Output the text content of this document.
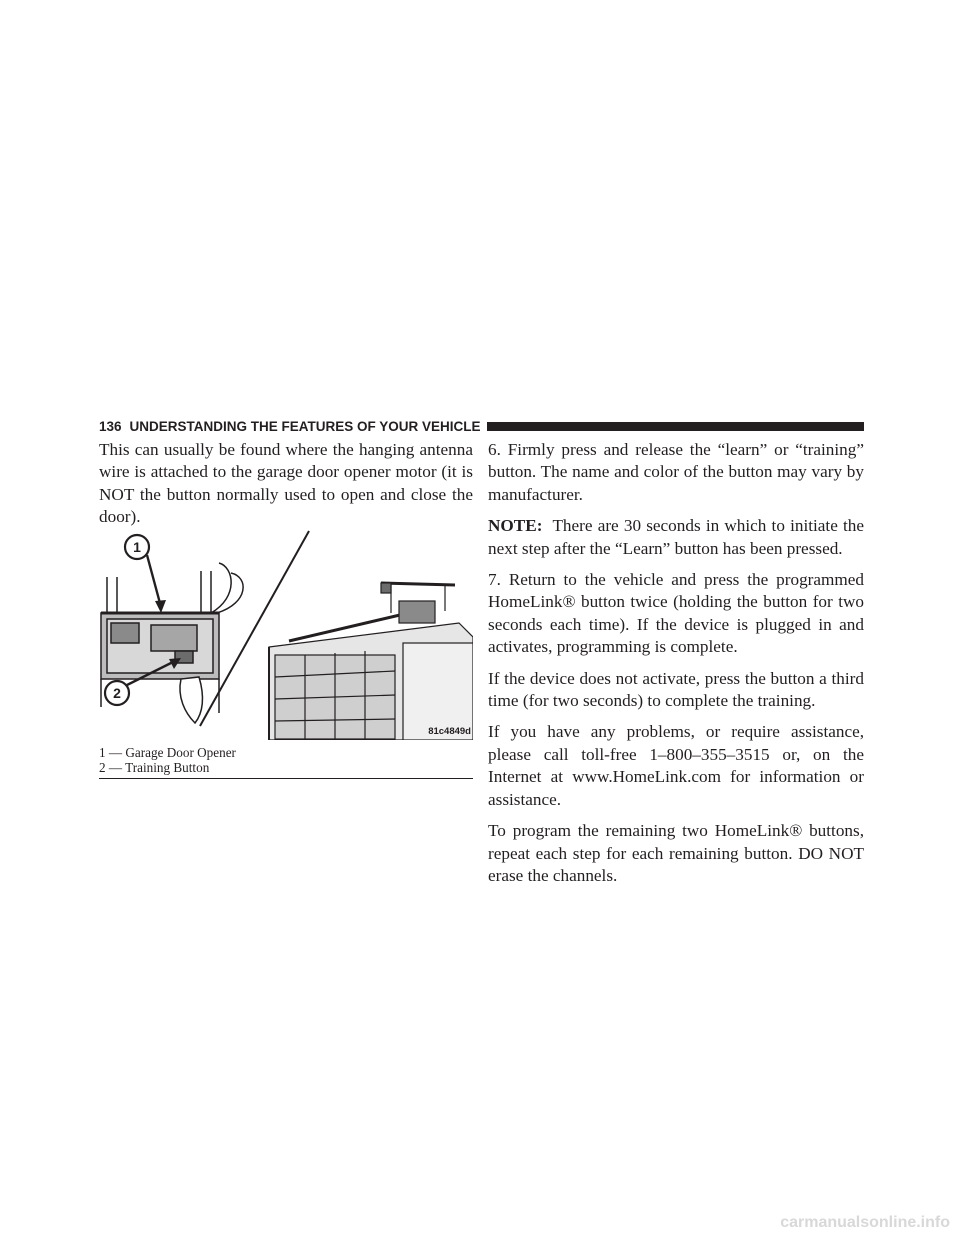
136 UNDERSTANDING THE FEATURES OF YOUR VEHICLE

This can usually be found where the hanging antenna wire is attached to the garage door opener motor (it is NOT the button normally used to open and close the door).

1
2
81c4849d
1 — Garage Door Opener
2 — Training Button

6. Firmly press and release the “learn” or “training” button. The name and color of the button may vary by manufacturer.

NOTE: There are 30 seconds in which to initiate the next step after the “Learn” button has been pressed.

7. Return to the vehicle and press the programmed HomeLink® button twice (holding the button for two seconds each time). If the device is plugged in and activates, programming is complete.

If the device does not activate, press the button a third time (for two seconds) to complete the training.

If you have any problems, or require assistance, please call toll-free 1–800–355–3515 or, on the Internet at www.HomeLink.com for information or assistance.

To program the remaining two HomeLink® buttons, repeat each step for each remaining button. DO NOT erase the channels.

carmanualsonline.info
